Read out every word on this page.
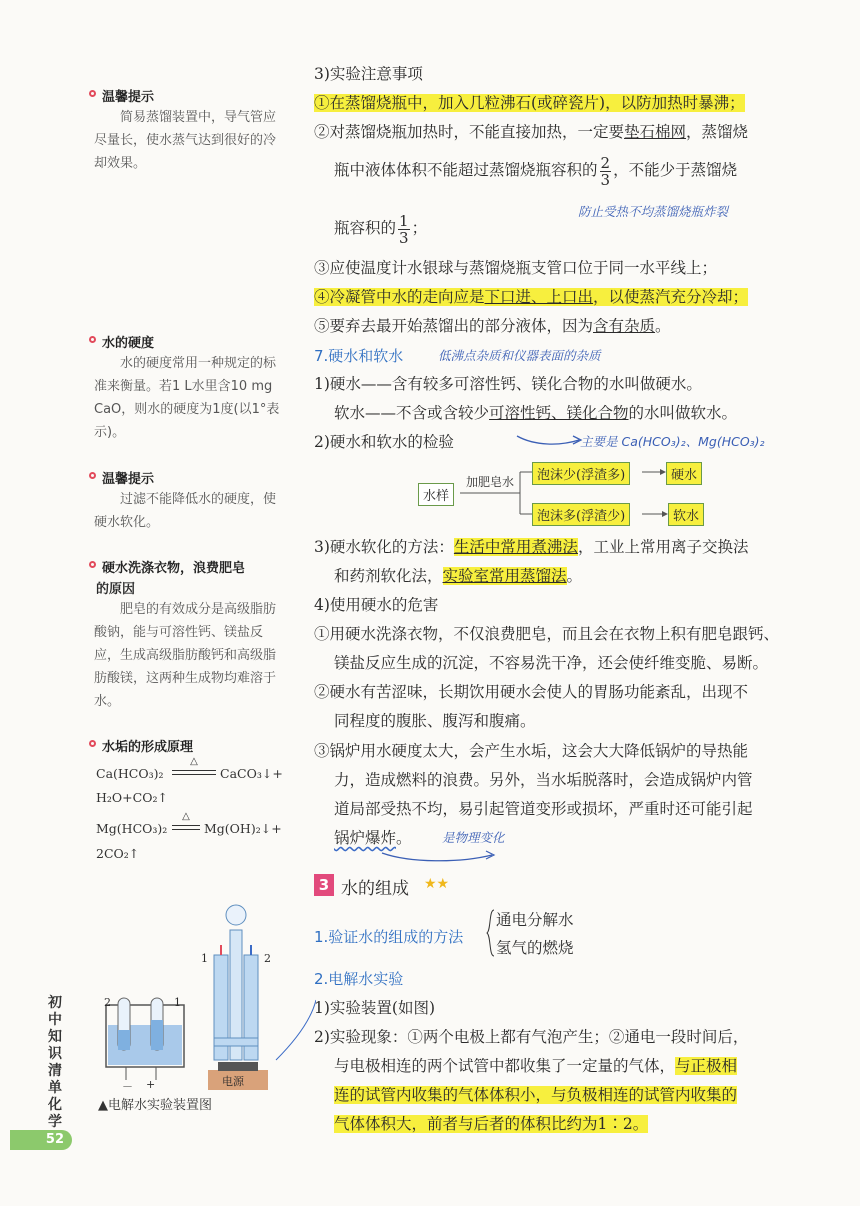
温馨提示
简易蒸馏装置中，导气管应尽量长，使水蒸气达到很好的冷却效果。
水的硬度
水的硬度常用一种规定的标准来衡量。若1 L水里含10 mg CaO，则水的硬度为1度(以1°表示)。
温馨提示
过滤不能降低水的硬度，使硬水软化。
硬水洗涤衣物，浪费肥皂
的原因
肥皂的有效成分是高级脂肪酸钠，能与可溶性钙、镁盐反应，生成高级脂肪酸钙和高级脂肪酸镁，这两种生成物均难溶于水。
水垢的形成原理
Ca(HCO₃)₂
△
CaCO₃↓+
H₂O+CO₂↑
Mg(HCO₃)₂
△
Mg(OH)₂↓+
2CO₂↑
2	1
1	2
－ +	电源
▲电解水实验装置图
初中知识清单 化学
52
3)实验注意事项
①在蒸馏烧瓶中，加入几粒沸石(或碎瓷片)，以防加热时暴沸；
②对蒸馏烧瓶加热时，不能直接加热，一定要垫石棉网，蒸馏烧
瓶中液体体积不能超过蒸馏烧瓶容积的 $\frac{2}{3}$ ，不能少于蒸馏烧
防止受热不均蒸馏烧瓶炸裂
瓶容积的 $\frac{1}{3}$ ；
③应使温度计水银球与蒸馏烧瓶支管口位于同一水平线上；
④冷凝管中水的走向应是下口进、上口出，以使蒸汽充分冷却；
⑤要弃去最开始蒸馏出的部分液体，因为含有杂质。
7.硬水和软水	低沸点杂质和仪器表面的杂质
1)硬水——含有较多可溶性钙、镁化合物的水叫做硬水。
软水——不含或含较少可溶性钙、镁化合物的水叫做软水。
2)硬水和软水的检验	主要是 Ca(HCO₃)₂、Mg(HCO₃)₂
水样
加肥皂水	泡沫少(浮渣多)	硬水
泡沫多(浮渣少)	软水
3)硬水软化的方法：生活中常用煮沸法，工业上常用离子交换法
和药剂软化法，实验室常用蒸馏法。
4)使用硬水的危害
①用硬水洗涤衣物，不仅浪费肥皂，而且会在衣物上积有肥皂跟钙、
镁盐反应生成的沉淀，不容易洗干净，还会使纤维变脆、易断。
②硬水有苦涩味，长期饮用硬水会使人的胃肠功能紊乱，出现不
同程度的腹胀、腹泻和腹痛。
③锅炉用水硬度太大，会产生水垢，这会大大降低锅炉的导热能
力，造成燃料的浪费。另外，当水垢脱落时，会造成锅炉内管
道局部受热不均，易引起管道变形或损坏，严重时还可能引起
锅炉爆炸。 是物理变化
3 水的组成 ★★
1.验证水的组成的方法
通电分解水
氢气的燃烧
2.电解水实验
1)实验装置(如图)
2)实验现象：①两个电极上都有气泡产生；②通电一段时间后，
与电极相连的两个试管中都收集了一定量的气体，与正极相
连的试管内收集的气体体积小，与负极相连的试管内收集的
气体体积大，前者与后者的体积比约为1∶2。
